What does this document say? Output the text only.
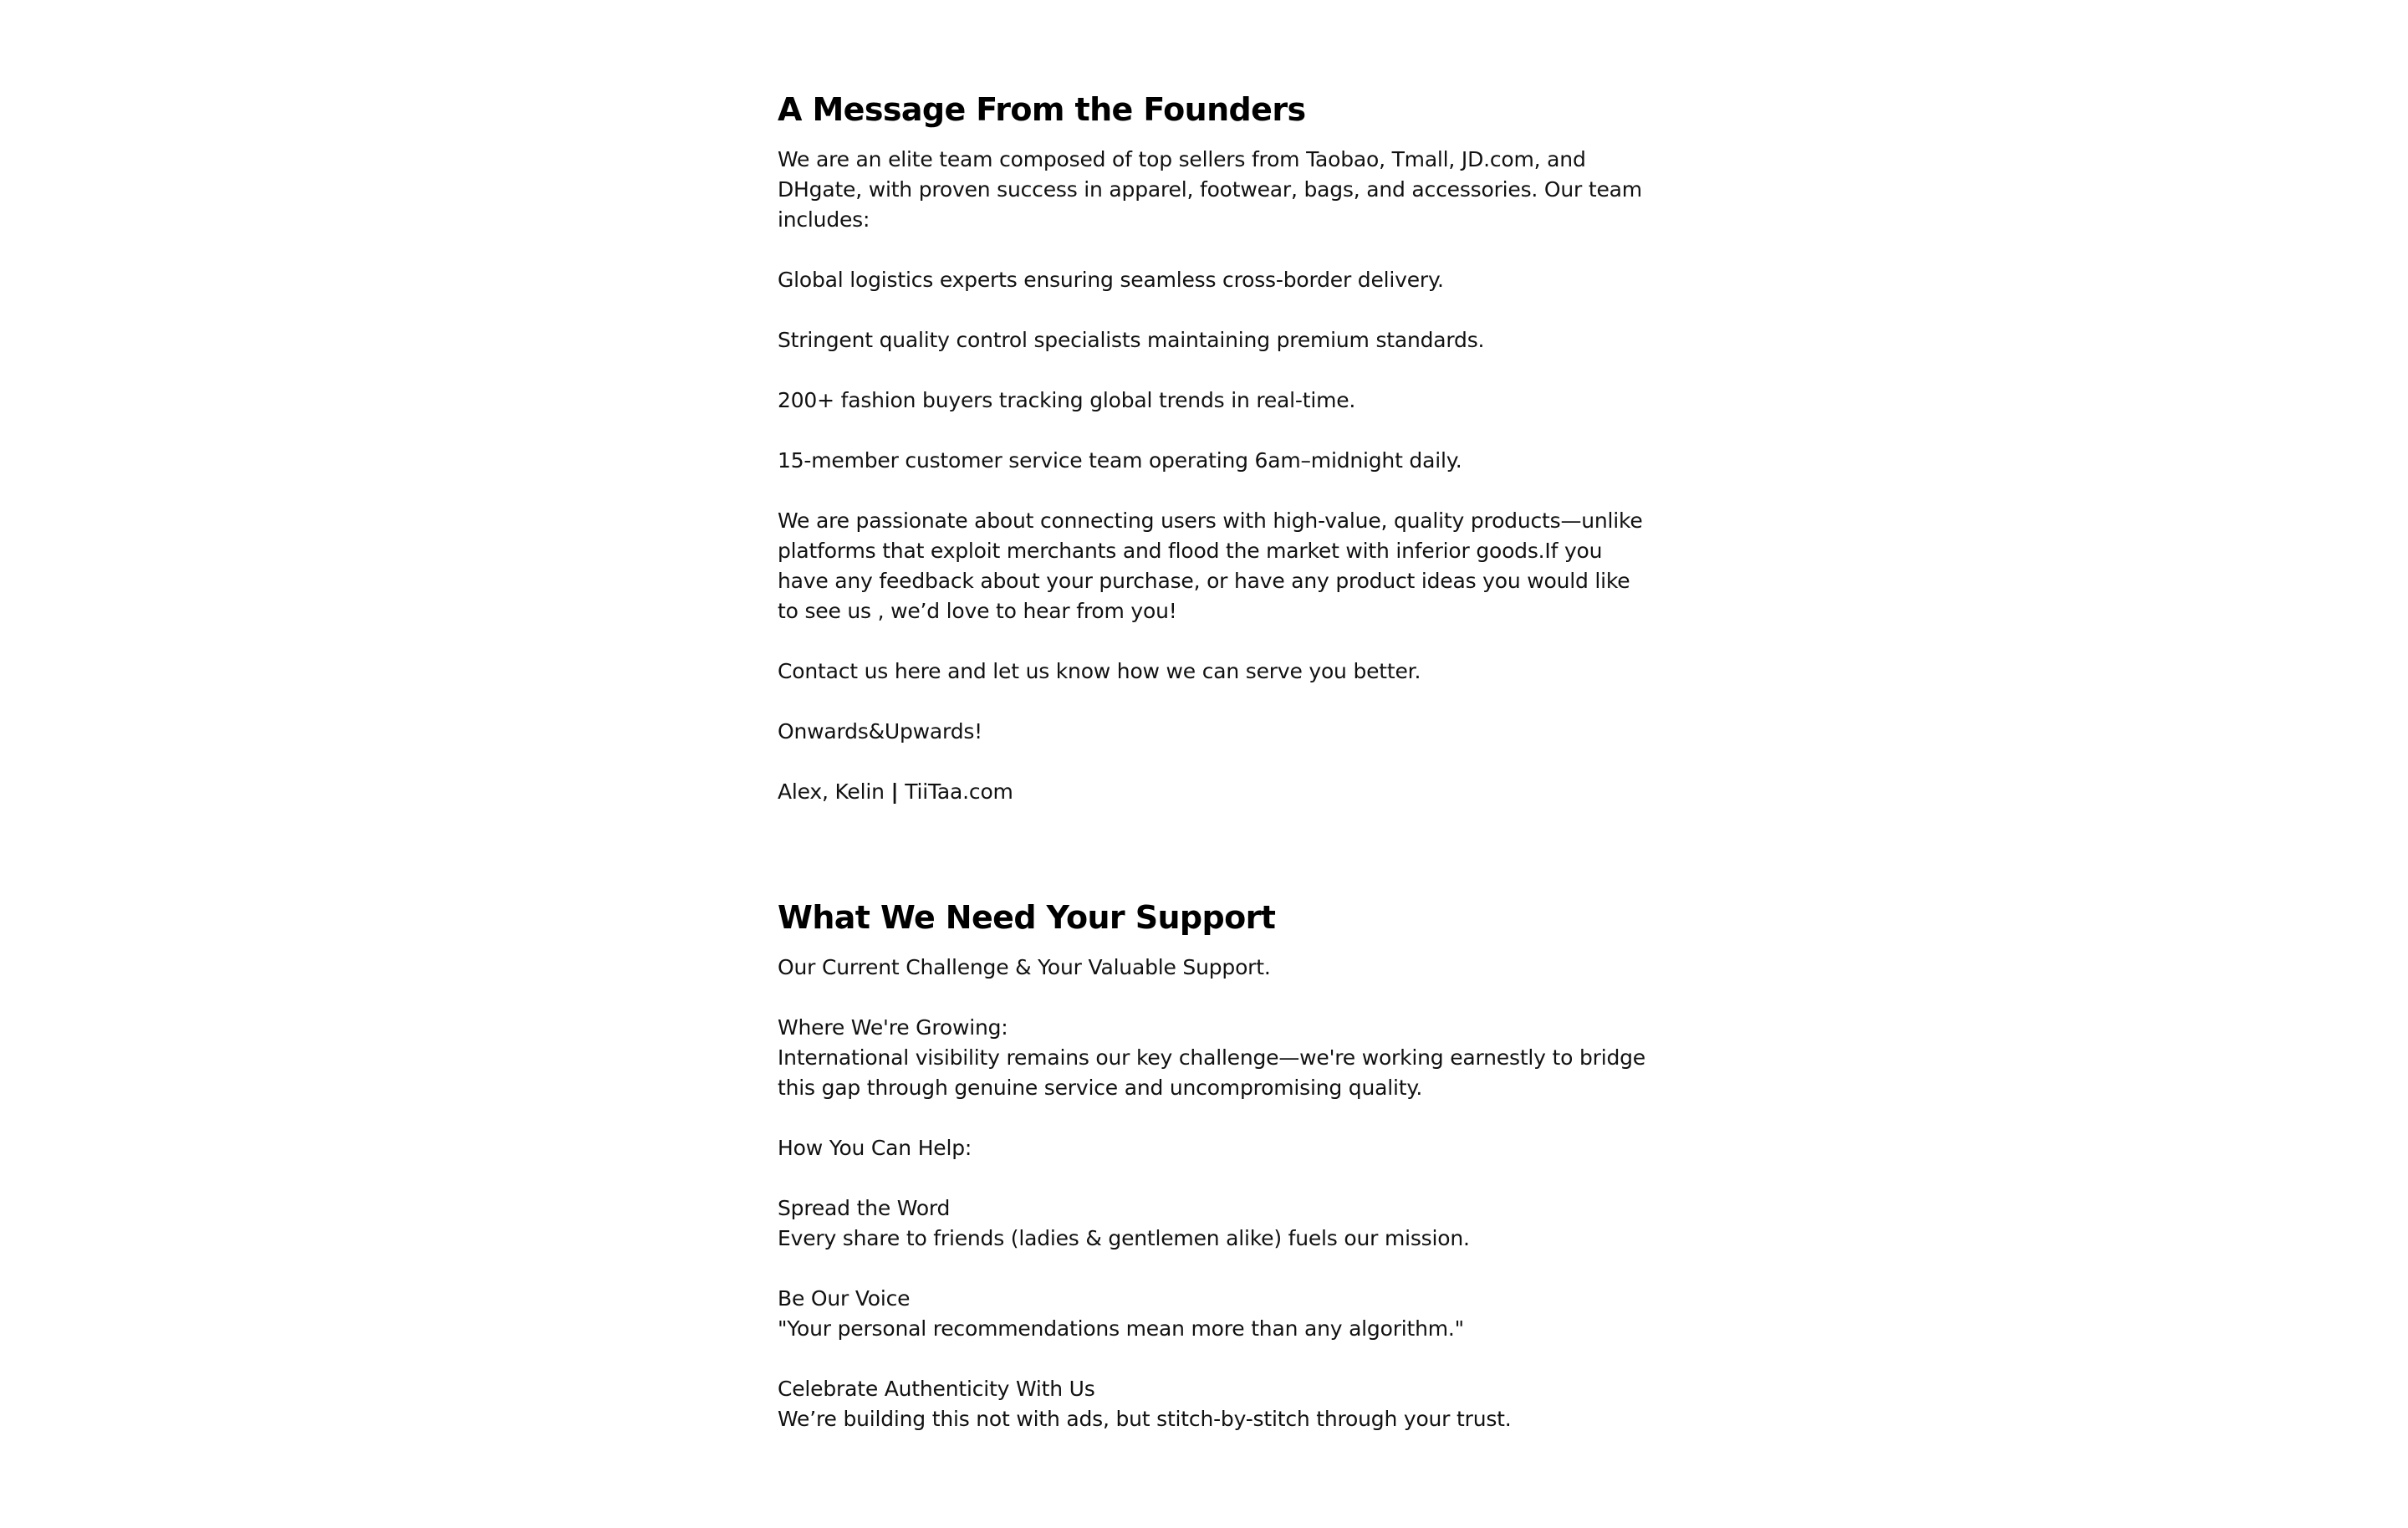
A Message From the Founders

We are an elite team composed of top sellers from Taobao, Tmall, JD.com, and DHgate, with proven success in apparel, footwear, bags, and accessories. Our team includes:

Global logistics experts ensuring seamless cross-border delivery.

Stringent quality control specialists maintaining premium standards.

200+ fashion buyers tracking global trends in real-time.

15-member customer service team operating 6am–midnight daily.

We are passionate about connecting users with high-value, quality products—unlike platforms that exploit merchants and flood the market with inferior goods.If you have any feedback about your purchase, or have any product ideas you would like to see us , we’d love to hear from you!

Contact us here and let us know how we can serve you better.

Onwards&Upwards!

Alex, Kelin | TiiTaa.com

What We Need Your Support

Our Current Challenge & Your Valuable Support.

Where We're Growing:
International visibility remains our key challenge—we're working earnestly to bridge this gap through genuine service and uncompromising quality.

How You Can Help:

Spread the Word
Every share to friends (ladies & gentlemen alike) fuels our mission.

Be Our Voice
"Your personal recommendations mean more than any algorithm."

Celebrate Authenticity With Us
We’re building this not with ads, but stitch-by-stitch through your trust.
